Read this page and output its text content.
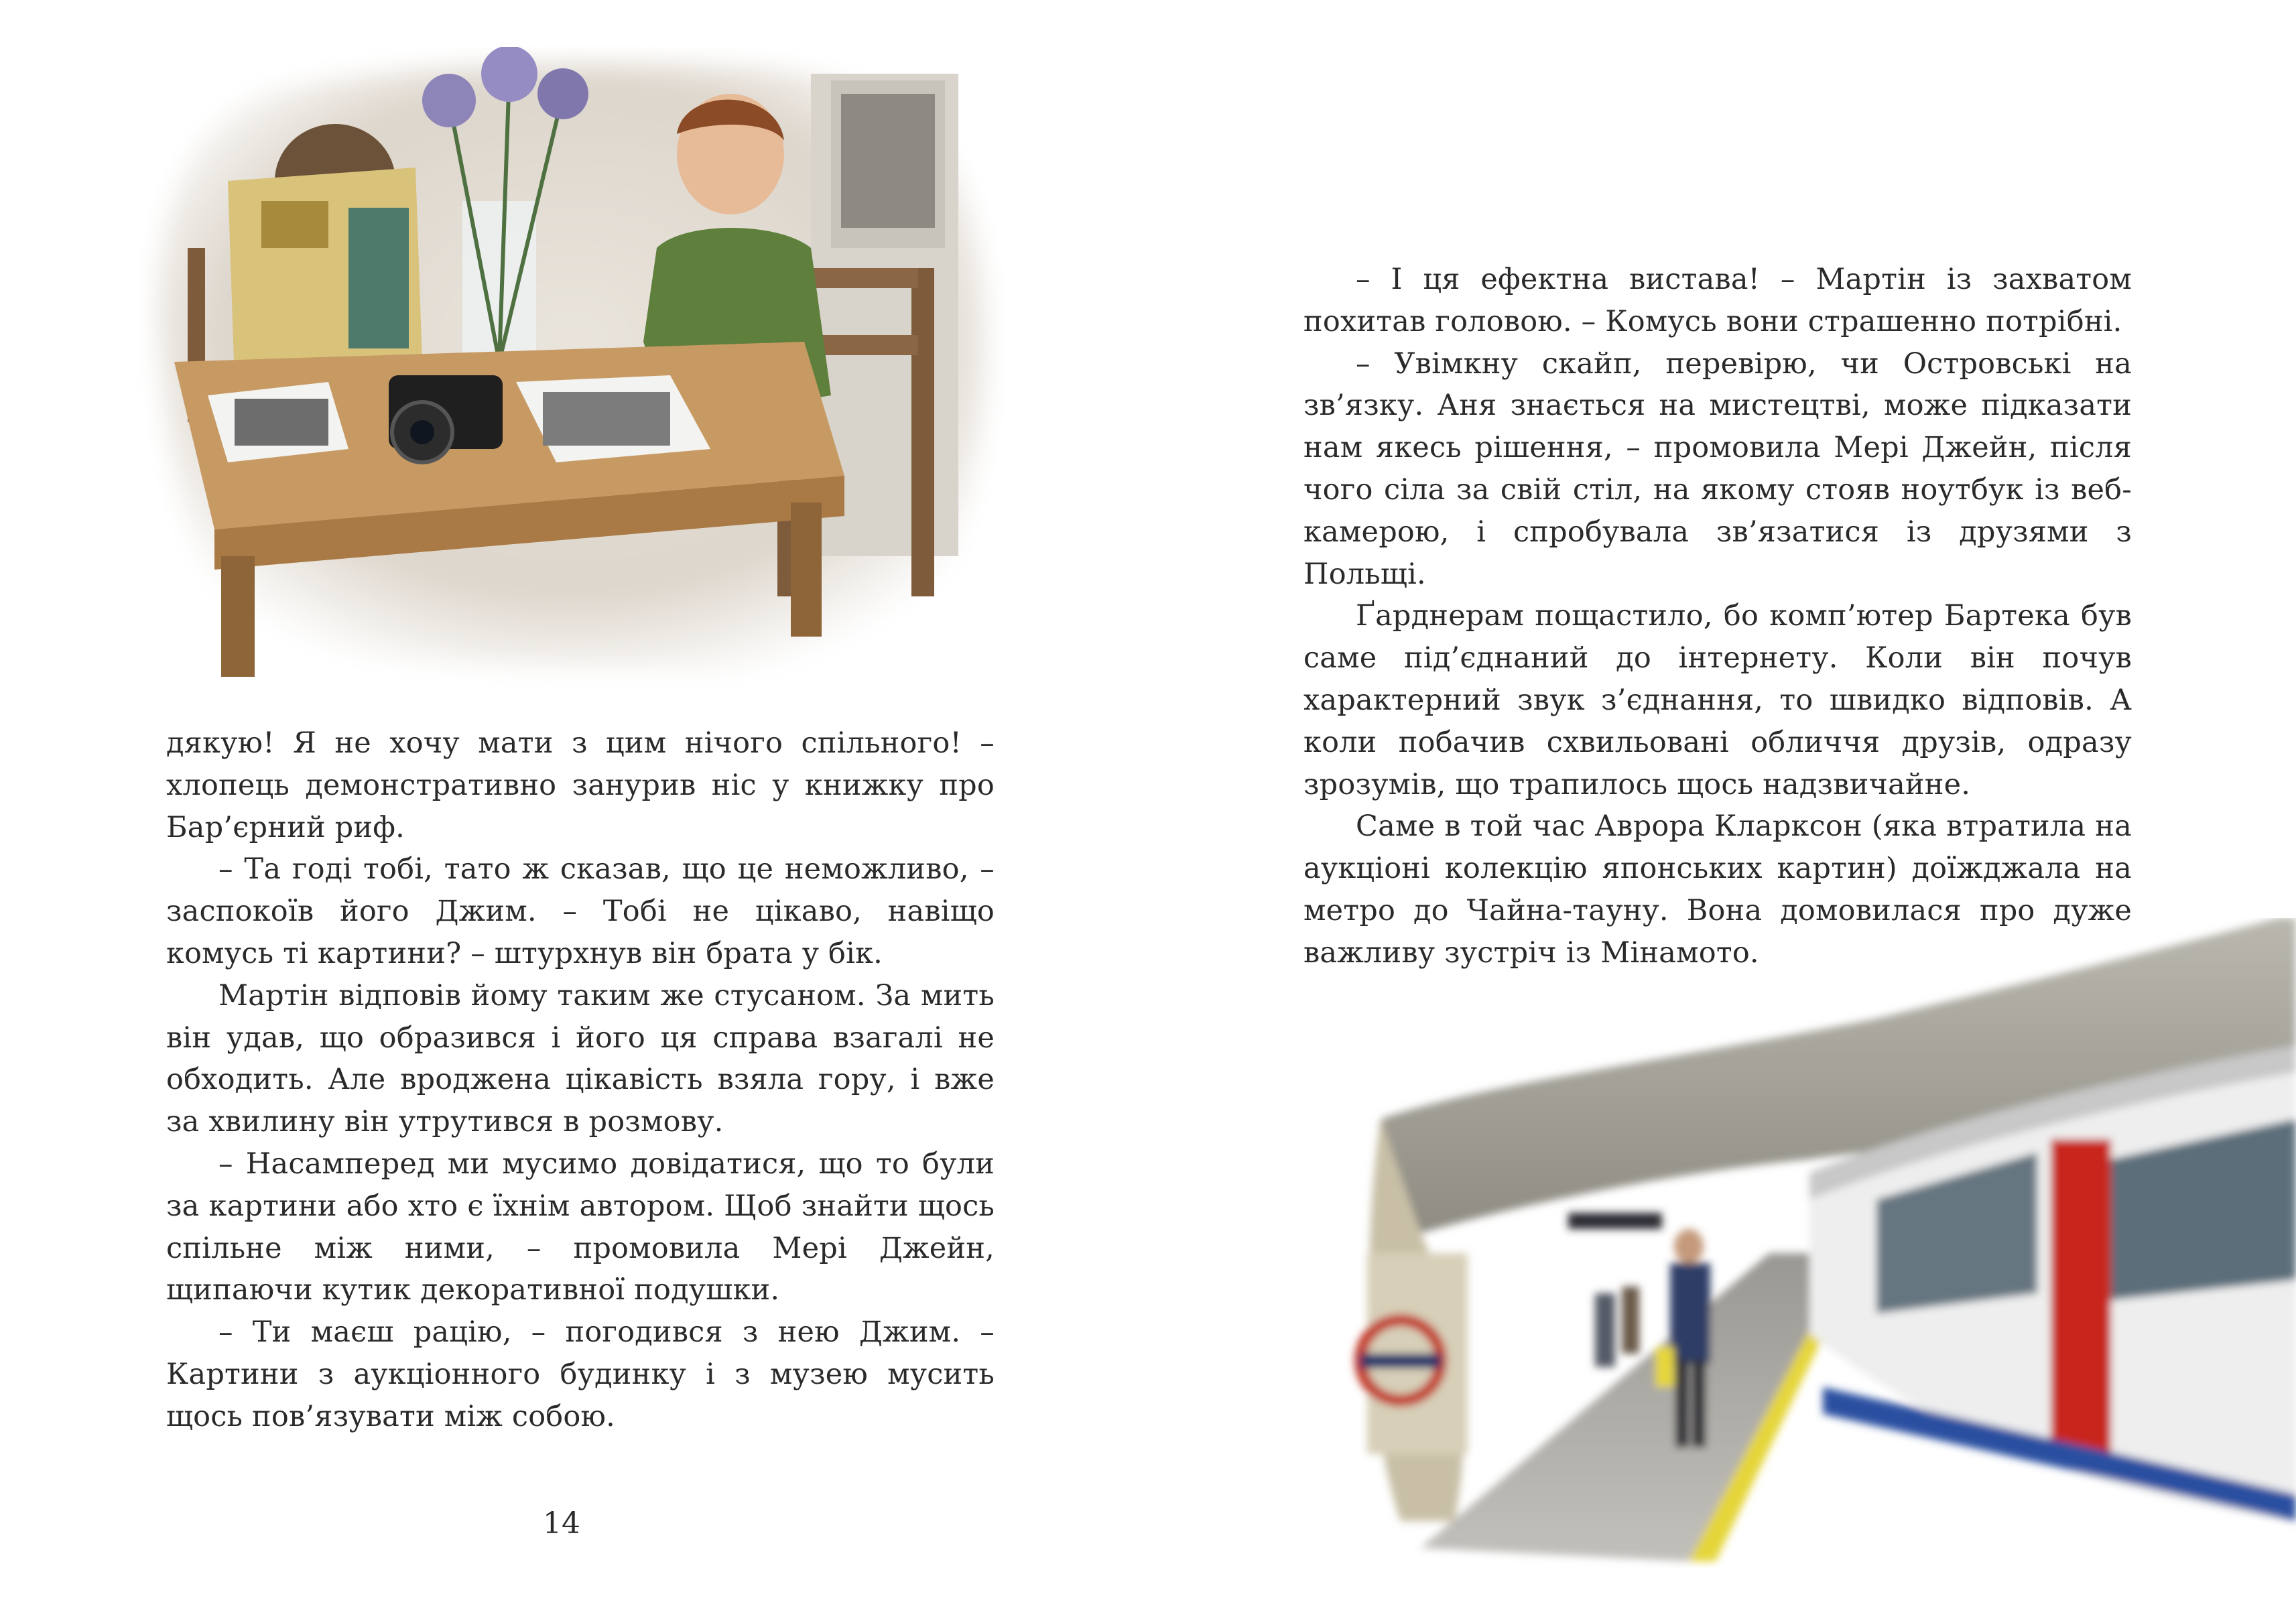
дякую! Я не хочу мати з цим нічого спільного! – хлопець демонстративно занурив ніс у книжку про Бар’єрний риф.

– Та годі тобі, тато ж сказав, що це неможливо, – заспокоїв його Джим. – Тобі не цікаво, навіщо комусь ті картини? – штурхнув він брата у бік.

Мартін відповів йому таким же стусаном. За мить він удав, що образився і його ця справа взагалі не обходить. Але вроджена цікавість взяла гору, і вже за хвилину він утрутився в розмову.

– Насамперед ми мусимо довідатися, що то були за картини або хто є їхнім автором. Щоб знайти щось спільне між ними, – промовила Мері Джейн, щипаючи кутик декоративної подушки.

– Ти маєш рацію, – погодився з нею Джим. – Картини з аукціонного будинку і з музею мусить щось пов’язувати між собою.

14

– І ця ефектна вистава! – Мартін із захватом похитав головою. – Комусь вони страшенно потрібні.

– Увімкну скайп, перевірю, чи Островські на зв’язку. Аня знається на мистецтві, може підказати нам якесь рішення, – промовила Мері Джейн, після чого сіла за свій стіл, на якому стояв ноутбук із веб-камерою, і спробувала зв’язатися із друзями з Польщі.

Ґарднерам пощастило, бо комп’ютер Бартека був саме під’єднаний до інтернету. Коли він почув характерний звук з’єднання, то швидко відповів. А коли побачив схвильовані обличчя друзів, одразу зрозумів, що трапилось щось надзвичайне.

Саме в той час Аврора Кларксон (яка втратила на аукціоні колекцію японських картин) доїжджала на метро до Чайна-тауну. Вона домовилася про дуже важливу зустріч із Мінамото.
